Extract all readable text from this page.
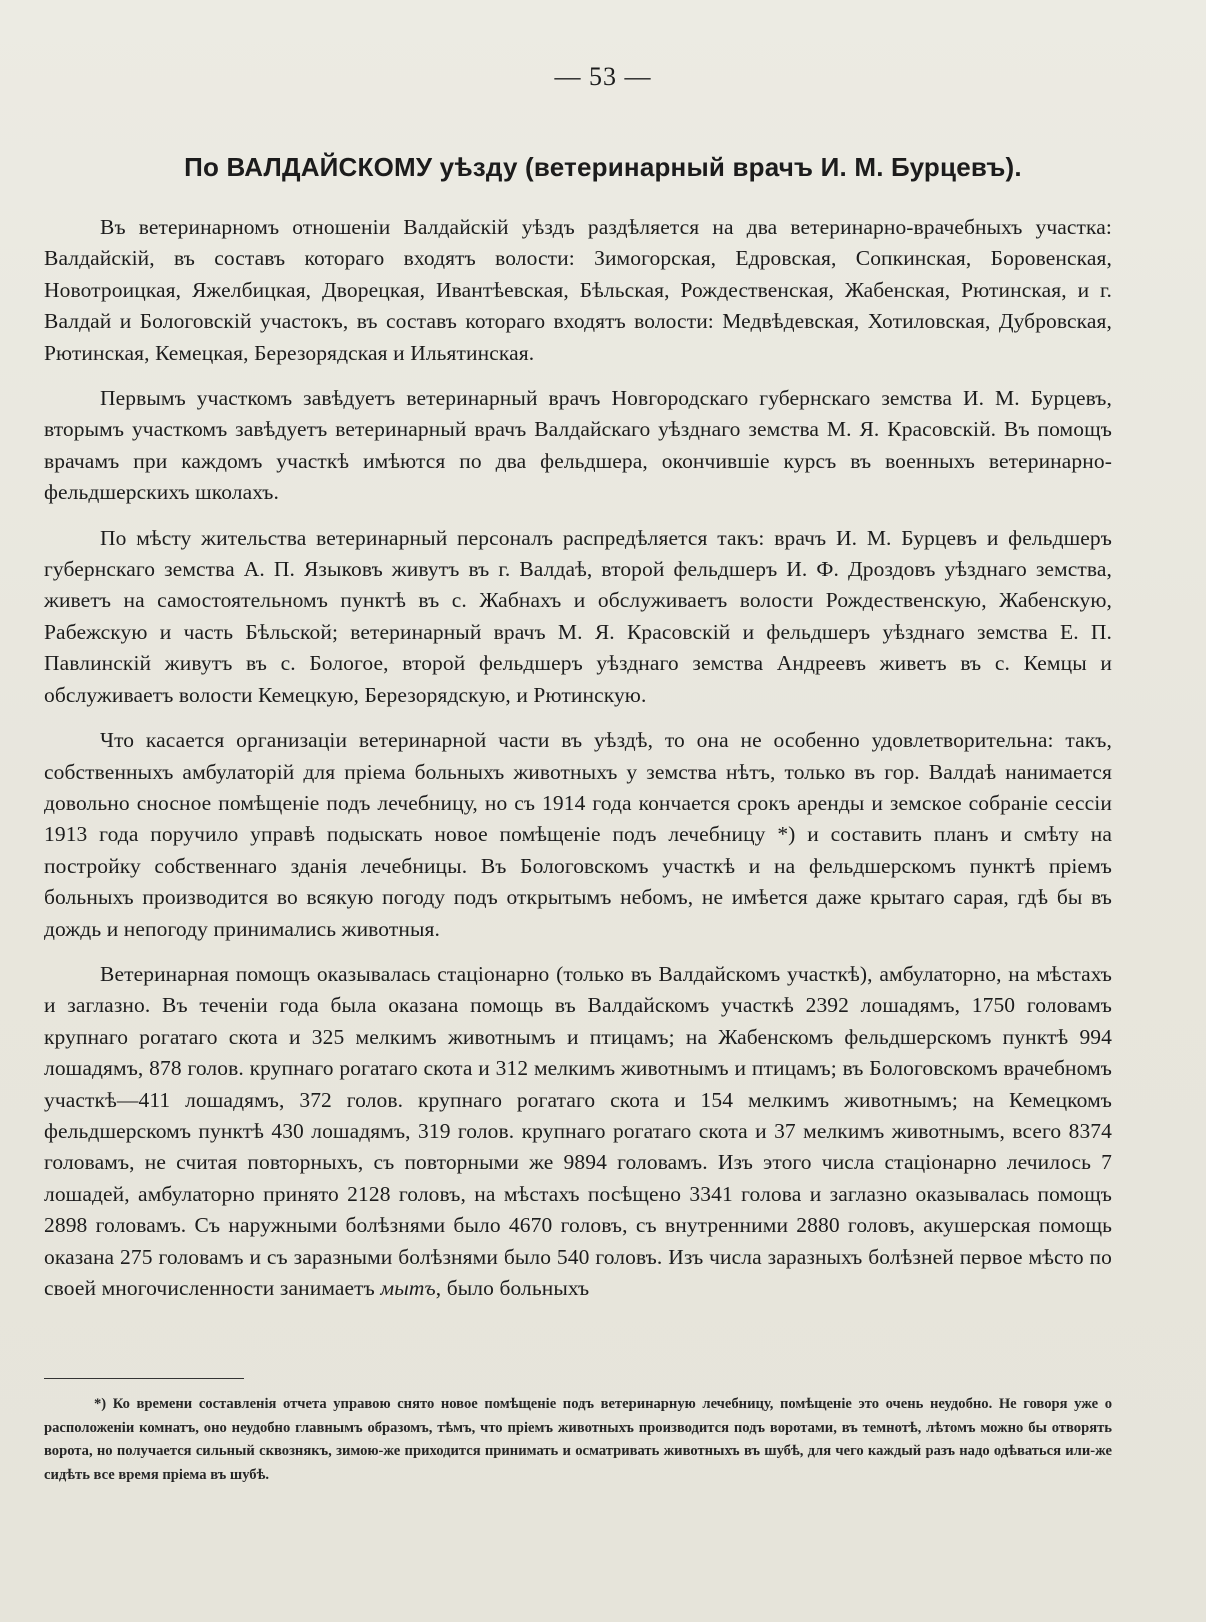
— 53 —
По ВАЛДАЙСКОМУ уѣзду (ветеринарный врачъ И. М. Бурцевъ).

Въ ветеринарномъ отношеніи Валдайскій уѣздъ раздѣляется на два ветеринарно-врачебныхъ участка: Валдайскій, въ составъ котораго входятъ волости: Зимогорская, Едровская, Сопкинская, Боровенская, Новотроицкая, Яжелбицкая, Дворецкая, Ивантѣевская, Бѣльская, Рождественская, Жабенская, Рютинская, и г. Валдай и Бологовскій участокъ, въ составъ котораго входятъ волости: Медвѣдевская, Хотиловская, Дубровская, Рютинская, Кемецкая, Березорядская и Ильятинская.

Первымъ участкомъ завѣдуетъ ветеринарный врачъ Новгородскаго губернскаго земства И. М. Бурцевъ, вторымъ участкомъ завѣдуетъ ветеринарный врачъ Валдайскаго уѣзднаго земства М. Я. Красовскій. Въ помощъ врачамъ при каждомъ участкѣ имѣются по два фельдшера, окончившіе курсъ въ военныхъ ветеринарно-фельдшерскихъ школахъ.

По мѣсту жительства ветеринарный персоналъ распредѣляется такъ: врачъ И. М. Бурцевъ и фельдшеръ губернскаго земства А. П. Языковъ живутъ въ г. Валдаѣ, второй фельдшеръ И. Ф. Дроздовъ уѣзднаго земства, живетъ на самостоятельномъ пунктѣ въ с. Жабнахъ и обслуживаетъ волости Рождественскую, Жабенскую, Рабежскую и часть Бѣльской; ветеринарный врачъ М. Я. Красовскій и фельдшеръ уѣзднаго земства Е. П. Павлинскій живутъ въ с. Бологое, второй фельдшеръ уѣзднаго земства Андреевъ живетъ въ с. Кемцы и обслуживаетъ волости Кемецкую, Березорядскую, и Рютинскую.

Что касается организаціи ветеринарной части въ уѣздѣ, то она не особенно удовлетворительна: такъ, собственныхъ амбулаторій для пріема больныхъ животныхъ у земства нѣтъ, только въ гор. Валдаѣ нанимается довольно сносное помѣщеніе подъ лечебницу, но съ 1914 года кончается срокъ аренды и земское собраніе сессіи 1913 года поручило управѣ подыскать новое помѣщеніе подъ лечебницу *) и составить планъ и смѣту на постройку собственнаго зданія лечебницы. Въ Бологовскомъ участкѣ и на фельдшерскомъ пунктѣ пріемъ больныхъ производится во всякую погоду подъ открытымъ небомъ, не имѣется даже крытаго сарая, гдѣ бы въ дождь и непогоду принимались животныя.

Ветеринарная помощъ оказывалась стаціонарно (только въ Валдайскомъ участкѣ), амбулаторно, на мѣстахъ и заглазно. Въ теченіи года была оказана помощь въ Валдайскомъ участкѣ 2392 лошадямъ, 1750 головамъ крупнаго рогатаго скота и 325 мелкимъ животнымъ и птицамъ; на Жабенскомъ фельдшерскомъ пунктѣ 994 лошадямъ, 878 голов. крупнаго рогатаго скота и 312 мелкимъ животнымъ и птицамъ; въ Бологовскомъ врачебномъ участкѣ—411 лошадямъ, 372 голов. крупнаго рогатаго скота и 154 мелкимъ животнымъ; на Кемецкомъ фельдшерскомъ пунктѣ 430 лошадямъ, 319 голов. крупнаго рогатаго скота и 37 мелкимъ животнымъ, всего 8374 головамъ, не считая повторныхъ, съ повторными же 9894 головамъ. Изъ этого числа стаціонарно лечилось 7 лошадей, амбулаторно принято 2128 головъ, на мѣстахъ посѣщено 3341 голова и заглазно оказывалась помощъ 2898 головамъ. Съ наружными болѣзнями было 4670 головъ, съ внутренними 2880 головъ, акушерская помощь оказана 275 головамъ и съ заразными болѣзнями было 540 головъ. Изъ числа заразныхъ болѣзней первое мѣсто по своей многочисленности занимаетъ мытъ, было больныхъ

*) Ко времени составленія отчета управою снято новое помѣщеніе подъ ветеринарную лечебницу, помѣщеніе это очень неудобно. Не говоря уже о расположеніи комнатъ, оно неудобно главнымъ образомъ, тѣмъ, что пріемъ животныхъ производится подъ воротами, въ темнотѣ, лѣтомъ можно бы отворять ворота, но получается сильный сквознякъ, зимою-же приходится принимать и осматривать животныхъ въ шубѣ, для чего каждый разъ надо одѣваться или-же сидѣть все время пріема въ шубѣ.
